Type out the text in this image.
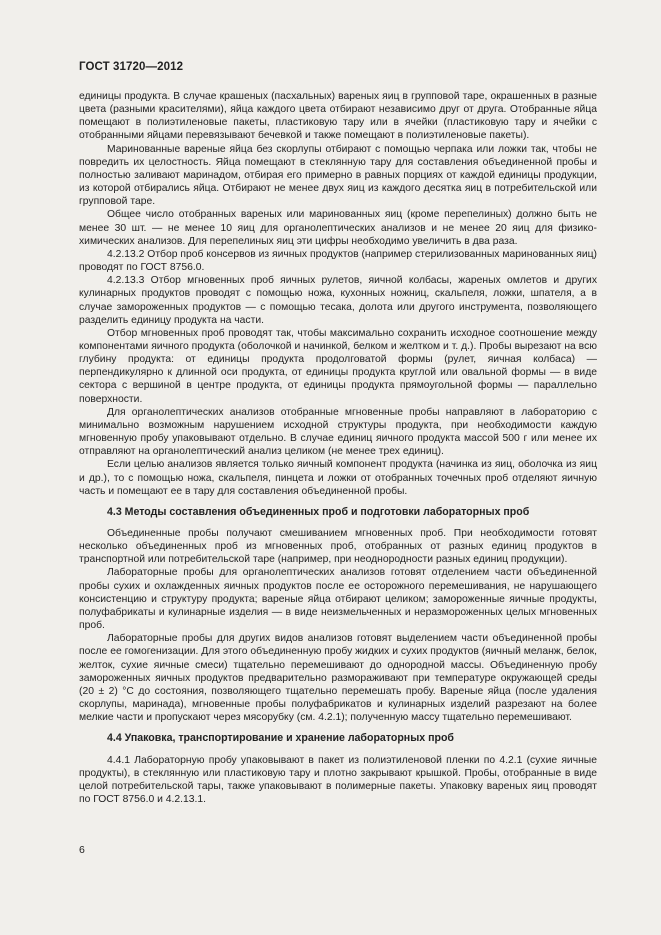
ГОСТ 31720—2012

единицы продукта. В случае крашеных (пасхальных) вареных яиц в групповой таре, окрашенных в разные цвета (разными красителями), яйца каждого цвета отбирают независимо друг от друга. Отобранные яйца помещают в полиэтиленовые пакеты, пластиковую тару или в ячейки (пластиковую тару и ячейки с отобранными яйцами перевязывают бечевкой и также помещают в полиэтиленовые пакеты).

Маринованные вареные яйца без скорлупы отбирают с помощью черпака или ложки так, чтобы не повредить их целостность. Яйца помещают в стеклянную тару для составления объединенной пробы и полностью заливают маринадом, отбирая его примерно в равных порциях от каждой единицы продукции, из которой отбирались яйца. Отбирают не менее двух яиц из каждого десятка яиц в потребительской или групповой таре.

Общее число отобранных вареных или маринованных яиц (кроме перепелиных) должно быть не менее 30 шт. — не менее 10 яиц для органолептических анализов и не менее 20 яиц для физико-химических анализов. Для перепелиных яиц эти цифры необходимо увеличить в два раза.

4.2.13.2 Отбор проб консервов из яичных продуктов (например стерилизованных маринованных яиц) проводят по ГОСТ 8756.0.

4.2.13.3 Отбор мгновенных проб яичных рулетов, яичной колбасы, жареных омлетов и других кулинарных продуктов проводят с помощью ножа, кухонных ножниц, скальпеля, ложки, шпателя, а в случае замороженных продуктов — с помощью тесака, долота или другого инструмента, позволяющего разделить единицу продукта на части.

Отбор мгновенных проб проводят так, чтобы максимально сохранить исходное соотношение между компонентами яичного продукта (оболочкой и начинкой, белком и желтком и т. д.). Пробы вырезают на всю глубину продукта: от единицы продукта продолговатой формы (рулет, яичная колбаса) — перпендикулярно к длинной оси продукта, от единицы продукта круглой или овальной формы — в виде сектора с вершиной в центре продукта, от единицы продукта прямоугольной формы — параллельно поверхности.

Для органолептических анализов отобранные мгновенные пробы направляют в лабораторию с минимально возможным нарушением исходной структуры продукта, при необходимости каждую мгновенную пробу упаковывают отдельно. В случае единиц яичного продукта массой 500 г или менее их отправляют на органолептический анализ целиком (не менее трех единиц).

Если целью анализов является только яичный компонент продукта (начинка из яиц, оболочка из яиц и др.), то с помощью ножа, скальпеля, пинцета и ложки от отобранных точечных проб отделяют яичную часть и помещают ее в тару для составления объединенной пробы.

4.3 Методы составления объединенных проб и подготовки лабораторных проб

Объединенные пробы получают смешиванием мгновенных проб. При необходимости готовят несколько объединенных проб из мгновенных проб, отобранных от разных единиц продуктов в транспортной или потребительской таре (например, при неоднородности разных единиц продукции).

Лабораторные пробы для органолептических анализов готовят отделением части объединенной пробы сухих и охлажденных яичных продуктов после ее осторожного перемешивания, не нарушающего консистенцию и структуру продукта; вареные яйца отбирают целиком; замороженные яичные продукты, полуфабрикаты и кулинарные изделия — в виде неизмельченных и неразмороженных целых мгновенных проб.

Лабораторные пробы для других видов анализов готовят выделением части объединенной пробы после ее гомогенизации. Для этого объединенную пробу жидких и сухих продуктов (яичный меланж, белок, желток, сухие яичные смеси) тщательно перемешивают до однородной массы. Объединенную пробу замороженных яичных продуктов предварительно размораживают при температуре окружающей среды (20 ± 2) °С до состояния, позволяющего тщательно перемешать пробу. Вареные яйца (после удаления скорлупы, маринада), мгновенные пробы полуфабрикатов и кулинарных изделий разрезают на более мелкие части и пропускают через мясорубку (см. 4.2.1); полученную массу тщательно перемешивают.

4.4 Упаковка, транспортирование и хранение лабораторных проб

4.4.1 Лабораторную пробу упаковывают в пакет из полиэтиленовой пленки по 4.2.1 (сухие яичные продукты), в стеклянную или пластиковую тару и плотно закрывают крышкой. Пробы, отобранные в виде целой потребительской тары, также упаковывают в полимерные пакеты. Упаковку вареных яиц проводят по ГОСТ 8756.0 и 4.2.13.1.

6
